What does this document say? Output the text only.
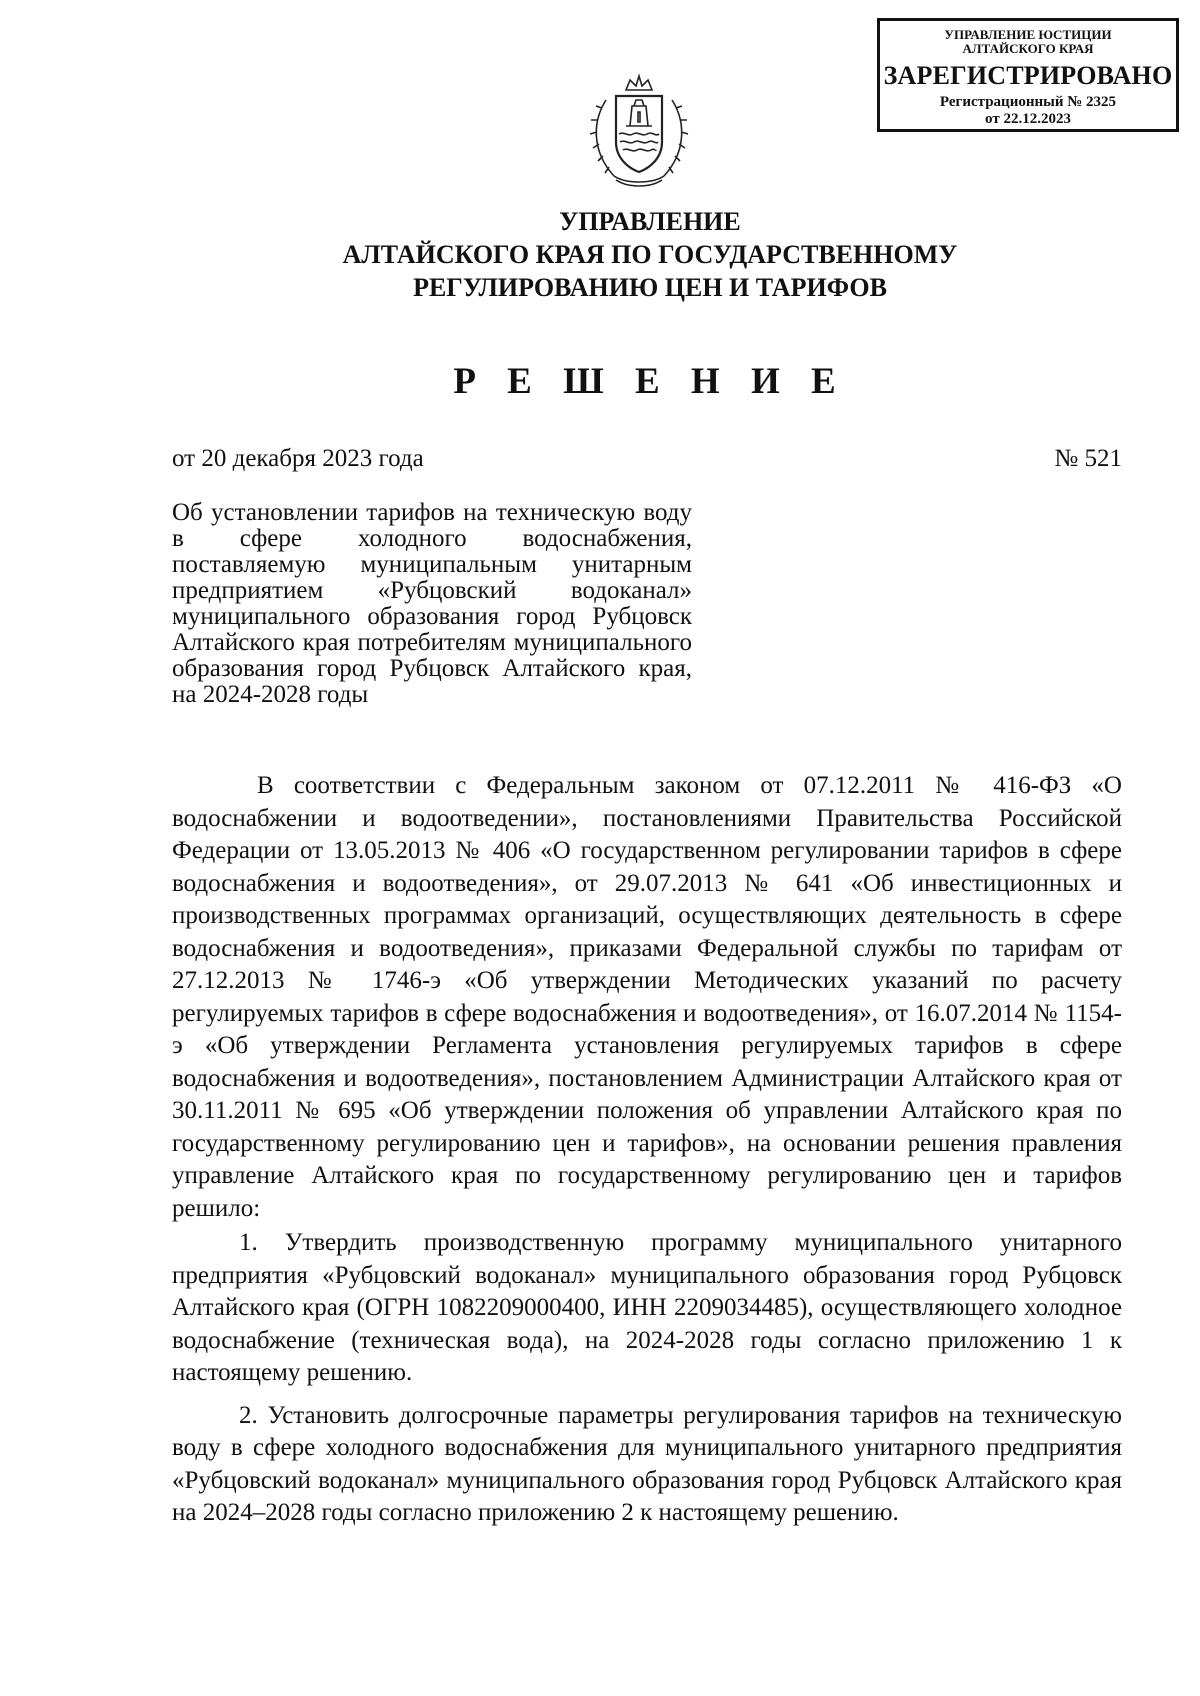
УПРАВЛЕНИЕ ЮСТИЦИИ АЛТАЙСКОГО КРАЯ
ЗАРЕГИСТРИРОВАНО
Регистрационный № 2325
от 22.12.2023
УПРАВЛЕНИЕ
АЛТАЙСКОГО КРАЯ ПО ГОСУДАРСТВЕННОМУ
РЕГУЛИРОВАНИЮ ЦЕН И ТАРИФОВ
Р Е Ш Е Н И Е
от 20 декабря 2023 года	№ 521
Об установлении тарифов на техническую воду в сфере холодного водоснабжения, поставляемую муниципальным унитарным предприятием «Рубцовский водоканал» муниципального образования город Рубцовск Алтайского края потребителям муниципального образования город Рубцовск Алтайского края, на 2024-2028 годы

В соответствии с Федеральным законом от 07.12.2011 № 416-ФЗ «О водоснабжении и водоотведении», постановлениями Правительства Российской Федерации от 13.05.2013 № 406 «О государственном регулировании тарифов в сфере водоснабжения и водоотведения», от 29.07.2013 № 641 «Об инвестиционных и производственных программах организаций, осуществляющих деятельность в сфере водоснабжения и водоотведения», приказами Федеральной службы по тарифам от 27.12.2013 № 1746-э «Об утверждении Методических указаний по расчету регулируемых тарифов в сфере водоснабжения и водоотведения», от 16.07.2014 № 1154-э «Об утверждении Регламента установления регулируемых тарифов в сфере водоснабжения и водоотведения», постановлением Администрации Алтайского края от 30.11.2011 № 695 «Об утверждении положения об управлении Алтайского края по государственному регулированию цен и тарифов», на основании решения правления управление Алтайского края по государственному регулированию цен и тарифов решило:

1. Утвердить производственную программу муниципального унитарного предприятия «Рубцовский водоканал» муниципального образования город Рубцовск Алтайского края (ОГРН 1082209000400, ИНН 2209034485), осуществляющего холодное водоснабжение (техническая вода), на 2024-2028 годы согласно приложению 1 к настоящему решению.

2. Установить долгосрочные параметры регулирования тарифов на техническую воду в сфере холодного водоснабжения для муниципального унитарного предприятия «Рубцовский водоканал» муниципального образования город Рубцовск Алтайского края на 2024–2028 годы согласно приложению 2 к настоящему решению.
